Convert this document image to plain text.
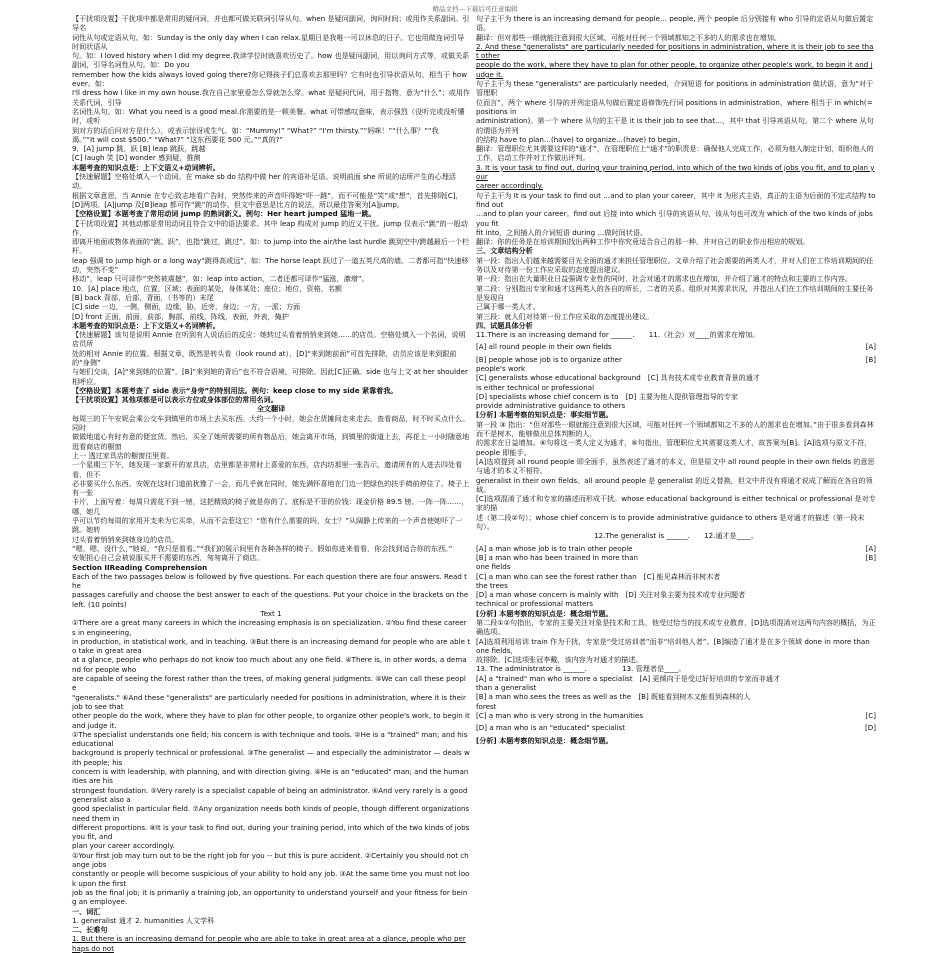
精品文档---下载后可任意编辑

【干扰项设置】干扰项中都是常用的疑问词，并也都可做关联词引导从句。when 是疑问副词，询问时间；或用作关系副词。引导名

词性从句或定语从句。如：Sunday is the only day when I can relax.星期日是我唯一可以休息的日子。它也用做连词引导时间状语从

句。如：I loved history when I did my degree.我读学位时就喜欢历史了。how 也是疑问副词，用以询问方式等，或做关系副词，引导名词性从句。如：Do you

remember how the kids always loved going there?你记得孩子们总喜欢去那里吗？它有时也引导状语从句，相当于 however。如：

I'll dress how I like in my own house.我在自己家里爱怎么穿就怎么穿。what 是疑问代词，用于指物，意为“什么”；或用作关系代词，引导

名词性从句。如：What you need is a good meal.你需要的是一顿美餐。what 可带感叹意味，表示强烈（没听完或没听懂时，或听

到对方的话后问对方是什么），或表示惊讶或生气。如：“Mummy!” “What?” “I'm thirsty.”“妈咪！”“什么事？”“我

渴。”“It will cost $500.” “What?” “这东西要花 500 元。”“真的?”

9．[A] jump 跳，跃 [B] leap 跳跃，跳越

[C] laugh 笑 [D] wonder 感到疑，推测

本题考查的知识点是：上下文语义+动词辨析。

【快速解题】空格处填入一个动词。在 make sb do 结构中做 her 的宾语补足语。说明前面 she 所说的话所产生的心理活动。

根据文章意思，当 Annie 在专心致志地看广告时，突然传来的声音吓得她“吓一跳”，而不可能是“笑”或“想”，首先排除[C]，

[D]两项。[A]jump 及[B]leap 都可作“跳”的动作。但文中意思是比方的说法，所以最佳答案为[A]jump。

【空格设置】本题考查了常用动词 jump 的熟词新义。例句：Her heart jumped 猛地一跳。

【干扰项设置】其他动都是常用动词且符合文中的语法要求。其中 leap 构成对 jump 的近义干扰。jump 仅表示“跳”的一般动作，

即离开地面或物体表面的“跳、跃”，也指“跳过，跳过”。如：to jump into the air/the last hurdle 跳到空中/跨越最后一个栏杆。

leap 强调 to jump high or a long way“跳得高或远”，如：The horse leapt 跃过了一道五英尺高的墙。二者都可指“快速移动，突然不变”

移动”，leap 只可译作“突然被震撼”，如：leap into action，二者还都可译作“猛涨，激增”。

10．[A] place 地点，位置，区域；表面的某处，身体某处；座位；地位，资格，名额

[B] back 背部，后部，背面，（书等的）末尾

[C] side 一边，一侧，侧面，边缘，胁，近旁，身边；一方，一派；方面

[D] front 正面，前面，前部，胸部，前线，阵线，表面，外表，掩护

本题考查的知识点是：上下文语义+名词辨析。

【快速解题】该句是说明 Annie 在听到有人说话后的反应：她转过头看着悄悄来到她……的店员。空格处填入一个名词，说明店员所

处的相对 Annie 的位置。根据文章，既然是转头看（look round at），[D]“来到她前面”可首先排除，店员应该是来到跟前的“身侧”

与她们交谈，[A]“来到她的位置”，[B]“来到她的背后”也不符合语境，可排除。因此[C]正确。side 也与上文 at her shoulder 相呼应。

【空格设置】本题考查了 side 表示“身旁”的特别用法。例句：keep close to my side 紧靠着我。

【干扰项设置】其他项都是可以表示方位或身体部位的常用名词。

全文翻译

每周三的下午安妮会乘公交车到镇里的市场上去买东西。大约一个小时，她会在货摊间走来走去，查看商品，时不时买点什么。同时

做做地道心有时有意的便宜货。然后，买全了她所需要的所有物品后，她会离开市场，到镇里的街道上去，再花上一小时随意地逛看商店的橱窗

上一 透过家具店的橱窗往里看。

一个星期三下午，她发现一家新开的家具店，店里都是非常时上喜爱的东西，店内坊那里一张告示，邀请所有的人进去四处看看，但不

必非要买什么东西。安妮在这时门道前犹豫了一会，而几乎就在同时，她先满怀喜地在门边一把绿色的扶手椅前停住了。椅子上有一张

卡片，上面写着：每周只需花不到一镑，这把精致的椅子就是你的了。底标是不菲的价钱：现金价格 89.5 镑。一阵一阵……，哪，她几

乎可以节约每周的家用开支来为它买单，从而不会惹这它！“您有什么需要的吗，女士？”从阔静上传来的一个声音使她吓了一跳。她转

过头看着悄悄来到她身边的店员。

“嗯，嗯，没什么，”她说，“我只是看看。”“我们的展示间里有各种各样的椅子。假如你进来看看，你会找到适合你的东西。”

安妮担心自己会被说服买并不需要的东西，匆匆离开了商店。

Section IIReading Comprehension

Each of the two passages below is followed by five questions. For each question there are four answers. Read the

passages carefully and choose the best answer to each of the questions. Put your choice in the brackets on the left. (10 points)

Text 1

①There are a great many careers in which the increasing emphasis is on specialization. ②You find these careers in engineering,

in production, in statistical work, and in teaching. ③But there is an increasing demand for people who are able to take in great area

at a glance, people who perhaps do not know too much about any one field. ④There is, in other words, a demand for people who

are capable of seeing the forest rather than the trees, of making general judgments. ⑤We can call these people

"generalists." ⑥And these "generalists" are particularly needed for positions in administration, where it is their job to see that

other people do the work, where they have to plan for other people, to organize other people's work, to begin it and judge it.

①The specialist understands one field; his concern is with technique and tools. ②He is a "trained" man; and his educational

background is properly technical or professional. ③The generalist — and especially the administrator — deals with people; his

concern is with leadership, with planning, and with direction giving. ④He is an "educated" man; and the humanities are his

strongest foundation. ⑤Very rarely is a specialist capable of being an administrator. ⑥And very rarely is a good generalist also a

good specialist in particular field. ⑦Any organization needs both kinds of people, though different organizations need them in

different proportions. ⑧It is your task to find out, during your training period, into which of the two kinds of jobs you fit, and

plan your career accordingly.

①Your first job may turn out to be the right job for you -- but this is pure accident. ②Certainly you should not change jobs

constantly or people will become suspicious of your ability to hold any job. ③At the same time you must not look upon the first

job as the final job; it is primarily a training job, an opportunity to understand yourself and your fitness for being an employee.

一、词汇

1. generalist 通才 2. humanities 人文学科

二、长难句

1. But there is an increasing demand for people who are able to take in great area at a glance, people who perhaps do not

句子主干为 there is an increasing demand for people… people, 两个 people 后分别接有 who 引导的定语从句做后置定语。

翻译：但对那些一眼就能注意到很大区域、可能对任何一个领域都知之不多的人的需求也在增加。

2. And these "generalists" are particularly needed for positions in administration, where it is their job to see that other

people do the work, where they have to plan for other people, to organize other people's work, to begin it and judge it.

句子主干为 these "generalists" are particularly needed，介词短语 for positions in administration 做状语，意为“对于管理职

位而言”，两个 where 引导的并列定语从句做后置定语修饰先行词 positions in administration，where 相当于 in which(=positions in

administration)。第一个 where 从句的主干是 it is their job to see that…，其中 that 引导宾语从句。第二个 where 从句的谓语为并列

的结构 have to plan…(have) to organize…(have) to begin。

翻译：管理职位尤其需要这样的“通才”，在管理职位上“通才”的职责是：确保他人完成工作，必须为他人制定计划，组织他人的

工作，启动工作并对工作做出评判。

3. It is your task to find out, during your training period, into which of the two kinds of jobs you fit, and to plan your

career accordingly.

句子主干为 It is your task to find out …and to plan your career，其中 it 为形式主语，真正的主语为后面的不定式结构 to find out

…and to plan your career。find out 后接 into which 引导的宾语从句，该从句也可改为 which of the two kinds of jobs you fit

fit into，之间插入的介词短语 during …做时间状语。

翻译：你的任务是在培训期间找出两种工作中你究竟适合自己的那一种，并对自己的职业作出相应的规划。

三、文章结构分析

第一段：指出人们越来越需要目光全面的通才来担任管理职位。文章介绍了社会需要的两类人才，并对人们在工作培训期间的任务以及对待第一份工作应采取的态度提出建议。

第一段：指出在大量职业日益强调专业性的同时，社会对通才的需求也在增加，并介绍了通才的特点和主要的工作内容。

第二段：分别指出专家和通才这两类人的各自的所长，二者的关系、组织对其需求状况，并指出人们在工作培训期间的主要任务是发现自

己属于哪一类人才。

第三段：就人们对待第一份工作应采取的态度提出建议。

四、试题具体分析

11.There is an increasing demand for ______.　　11.（社会）对____的需求在增加。

[A] all round people in their own fields	[A]

[B] people whose job is to organize other	[B]

people's work

[C] generalists whose educational background　[C] 具有技术或专业教育背景的通才

is either technical or professional

[D] specialists whose chief concern is to　[D] 主要为他人提供管理指导的专家

provide administrative guidance to others

[分析] 本题考察的知识点是：事实细节题。

第一段 ③ 指出：“但对那些一眼就能注意到很大区域，可能对任何一个领域都知之不多的人的需求也在增加。”由于很多看到森林而不是树木，能够做出总体判断的人，

的需求在日益增加。⑥句将这一类人定义为通才，⑥句指出，管理职位尤其需要这类人才，故答案为[B]。[A]选项与原文不符，

people 即能手。

[A]选项提到 all round people 即全面手，虽然表述了通才的本义，但是原文中 all round people in their own fields 的意思与通才的本义不相符。

generalist in their own fields。all around people 是 generalist 的近义替换，但文中并没有将通才说成了解而在各自的领域。

[C]选项混淆了通才和专家的描述而形成干扰。whose educational background is either technical or professional 是对专家的描

述（第二段②句）；whose chief concern is to provide administrative guidance to others 是对通才的描述（第一段末句）。

12.The generalist is ______.　　12.通才是____。

[A] a man whose job is to train other people	[A]

[B] a man who has been trained in more than	[B]

one fields

[C] a man who can see the forest rather than　[C] 能见森林而非树木者

the trees

[D] a man whose concern is mainly with　[D] 关注对象主要为技术或专业问题者

technical or professional matters

[分析] 本题考察的知识点是：概念细节题。

第二段①②句指出，专家的主要关注对象是技术和工具，他受过恰当的技术或专业教育，[D]选项混淆对这两句内容的概括，为正确选项。

[A]选项利用培训 train 作为干扰，专家是“受过培训者”而非“培训他人者”。[B]编造了通才是在多个领域 done in more than one fields，

故排除。[C]选项张冠李戴，该内容为对通才的描述。

13. The administrator is ______.　　　　　13. 管理者是____。

[A] a "trained" man who is more a specialist　[A] 更倾向于是受过好好培训的专家而非通才

than a generalist

[B] a man who sees the trees as well as the　[B] 既能看到树木又能看到森林的人

forest

[C] a man who is very strong in the humanities	[C]

[D] a man who is an "educated" specialist	[D]

[分析] 本题考察的知识点是：概念细节题。
